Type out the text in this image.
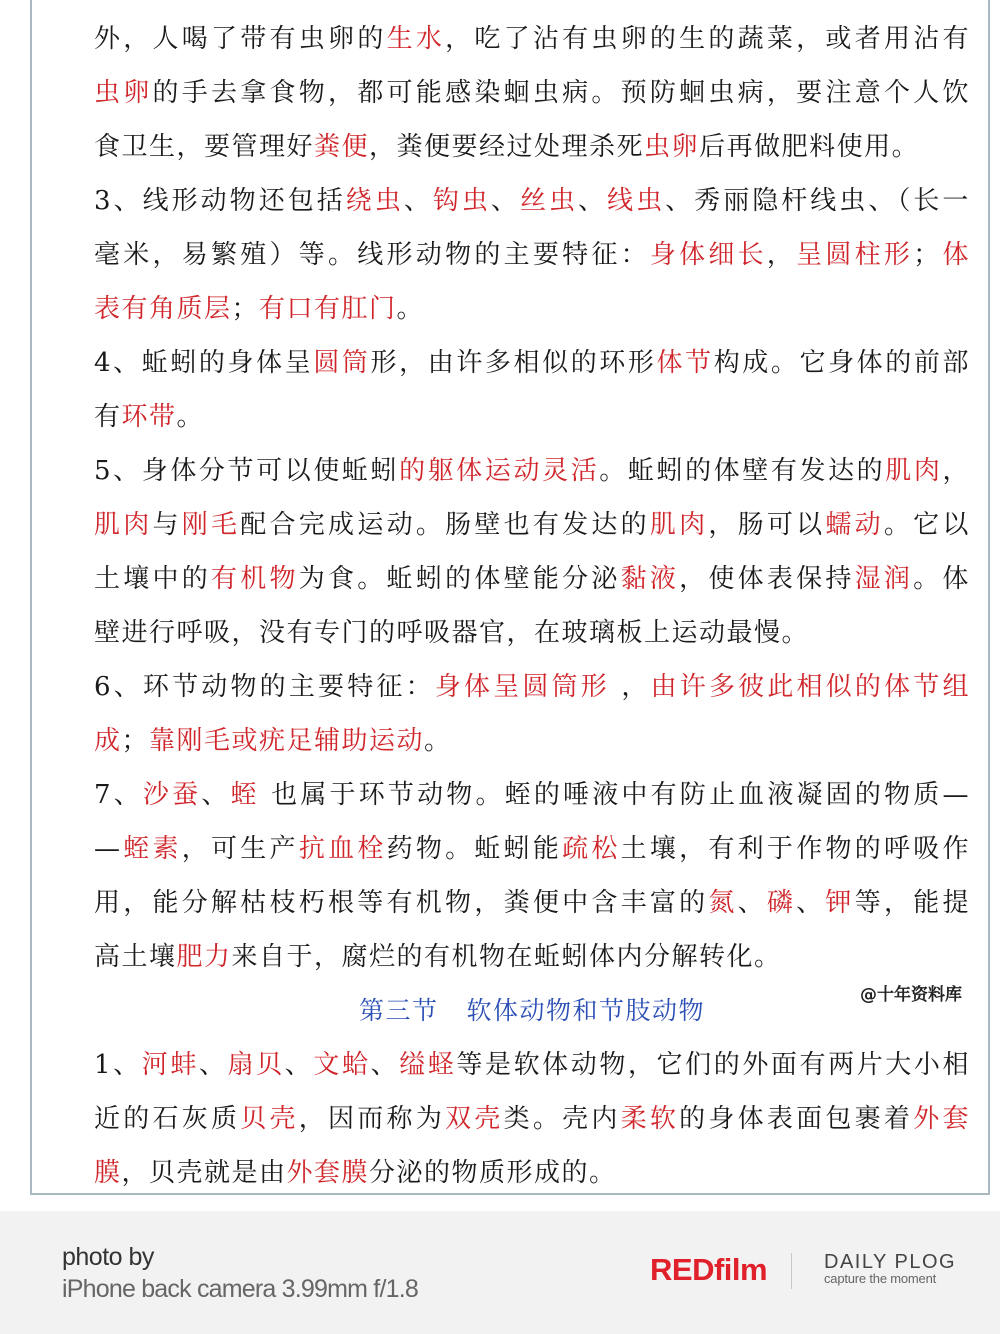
外，人喝了带有虫卵的生水，吃了沾有虫卵的生的蔬菜，或者用沾有
虫卵的手去拿食物，都可能感染蛔虫病。预防蛔虫病，要注意个人饮
食卫生，要管理好粪便，粪便要经过处理杀死虫卵后再做肥料使用。
3、线形动物还包括绕虫、钩虫、丝虫、线虫、秀丽隐杆线虫、（长一
毫米，易繁殖）等。线形动物的主要特征：身体细长，呈圆柱形；体
表有角质层；有口有肛门。
4、蚯蚓的身体呈圆筒形，由许多相似的环形体节构成。它身体的前部
有环带。
5、身体分节可以使蚯蚓的躯体运动灵活。蚯蚓的体壁有发达的肌肉，
肌肉与刚毛配合完成运动。肠壁也有发达的肌肉，肠可以蠕动。它以
土壤中的有机物为食。蚯蚓的体壁能分泌黏液，使体表保持湿润。体
壁进行呼吸，没有专门的呼吸器官，在玻璃板上运动最慢。
6、环节动物的主要特征：身体呈圆筒形 ，由许多彼此相似的体节组
成；靠刚毛或疣足辅助运动。
7、沙蚕、蛭 也属于环节动物。蛭的唾液中有防止血液凝固的物质—
—蛭素，可生产抗血栓药物。蚯蚓能疏松土壤，有利于作物的呼吸作
用，能分解枯枝朽根等有机物，粪便中含丰富的氮、磷、钾等，能提
高土壤肥力来自于，腐烂的有机物在蚯蚓体内分解转化。
第三节 软体动物和节肢动物
1、河蚌、扇贝、文蛤、缢蛏等是软体动物，它们的外面有两片大小相
近的石灰质贝壳，因而称为双壳类。壳内柔软的身体表面包裹着外套
膜，贝壳就是由外套膜分泌的物质形成的。
@十年资料库
photo by
iPhone back camera 3.99mm f/1.8
REDfilm	DAILY PLOG
capture the moment
